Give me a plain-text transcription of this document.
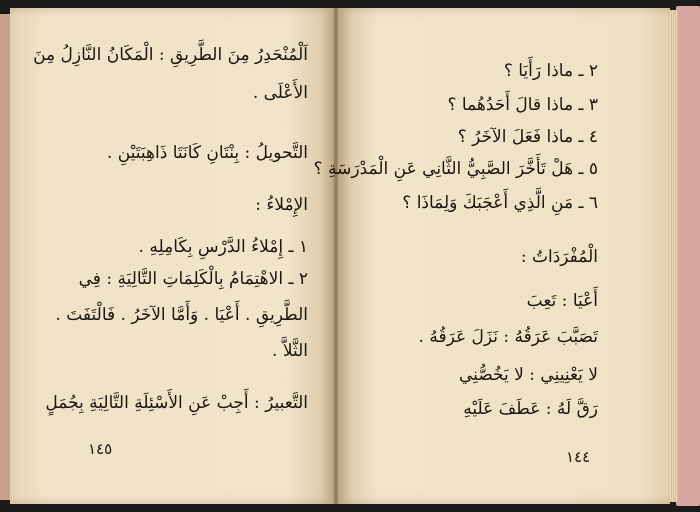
اَلْمُنْحَدِرُ مِنَ الطَّرِيقِ : الْمَكَانُ النَّازِلُ مِنَ
الأَعْلَى .
التَّحويلُ : بِنْتَانِ كَانَتَا ذَاهِبَتَيْنِ .
الإِمْلاءُ :
١ ـ إِمْلاءُ الدَّرْسِ بِكَامِلِهِ .
٢ ـ الاهْتِمَامُ بِالْكَلِمَاتِ التَّالِيَةِ : فِي
الطَّرِيقِ . أَعْيَا . وَأَمَّا الآخَرُ . فَالْتَفَتَ .
الثَّلاَّ .
التَّعبيرُ : أَجِبْ عَنِ الأَسْئِلَةِ التَّالِيَةِ بِجُمَلٍ
١٤٥
٢ ـ ماذا رَأَيَا ؟
٣ ـ ماذا قالَ أَحَدُهُما ؟
٤ ـ ماذا فَعَلَ الآخَرُ ؟
٥ ـ هَلْ تَأَخَّرَ الصَّبِيُّ الثَّانِي عَنِ الْمَدْرَسَةِ ؟
٦ ـ مَنِ الَّذِي أَعْجَبَكَ وَلِمَاذَا ؟
الْمُفْرَدَاتُ :
أَعْيَا : تَعِبَ
تَصَبَّبَ عَرَقُهُ : نَزَلَ عَرَقُهُ .
لا يَعْنِينِي : لا يَخُصُّنِي
رَقَّ لَهُ : عَطَفَ عَلَيْهِ
١٤٤
